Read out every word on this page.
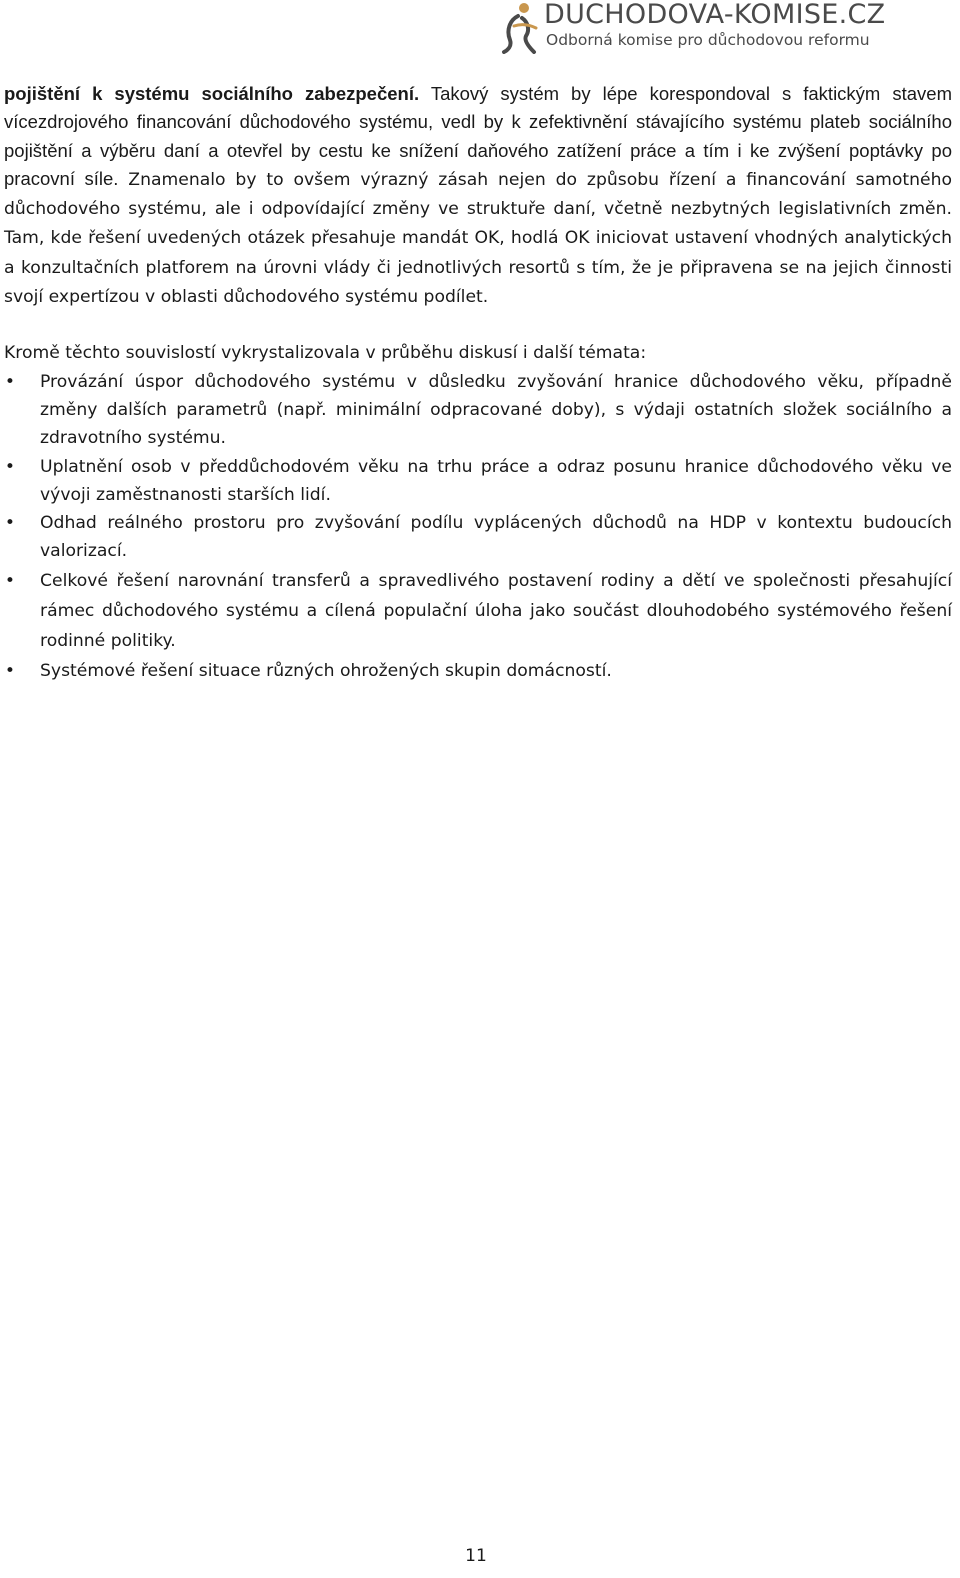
DUCHODOVA-KOMISE.CZ
Odborná komise pro důchodovou reformu

pojištění k systému sociálního zabezpečení. Takový systém by lépe korespondoval s faktickým stavem vícezdrojového financování důchodového systému, vedl by k zefektivnění stávajícího systému plateb sociálního pojištění a výběru daní a otevřel by cestu ke snížení daňového zatížení práce a tím i ke zvýšení poptávky po pracovní síle. Znamenalo by to ovšem výrazný zásah nejen do způsobu řízení a financování samotného důchodového systému, ale i odpovídající změny ve struktuře daní, včetně nezbytných legislativních změn. Tam, kde řešení uvedených otázek přesahuje mandát OK, hodlá OK iniciovat ustavení vhodných analytických a konzultačních platforem na úrovni vlády či jednotlivých resortů s tím, že je připravena se na jejich činnosti svojí expertízou v oblasti důchodového systému podílet.

Kromě těchto souvislostí vykrystalizovala v průběhu diskusí i další témata:

• Provázání úspor důchodového systému v důsledku zvyšování hranice důchodového věku, případně změny dalších parametrů (např. minimální odpracované doby), s výdaji ostatních složek sociálního a zdravotního systému.
• Uplatnění osob v předdůchodovém věku na trhu práce a odraz posunu hranice důchodového věku ve vývoji zaměstnanosti starších lidí.
• Odhad reálného prostoru pro zvyšování podílu vyplácených důchodů na HDP v kontextu budoucích valorizací.
• Celkové řešení narovnání transferů a spravedlivého postavení rodiny a dětí ve společnosti přesahující rámec důchodového systému a cílená populační úloha jako součást dlouhodobého systémového řešení rodinné politiky.
• Systémové řešení situace různých ohrožených skupin domácností.
11
